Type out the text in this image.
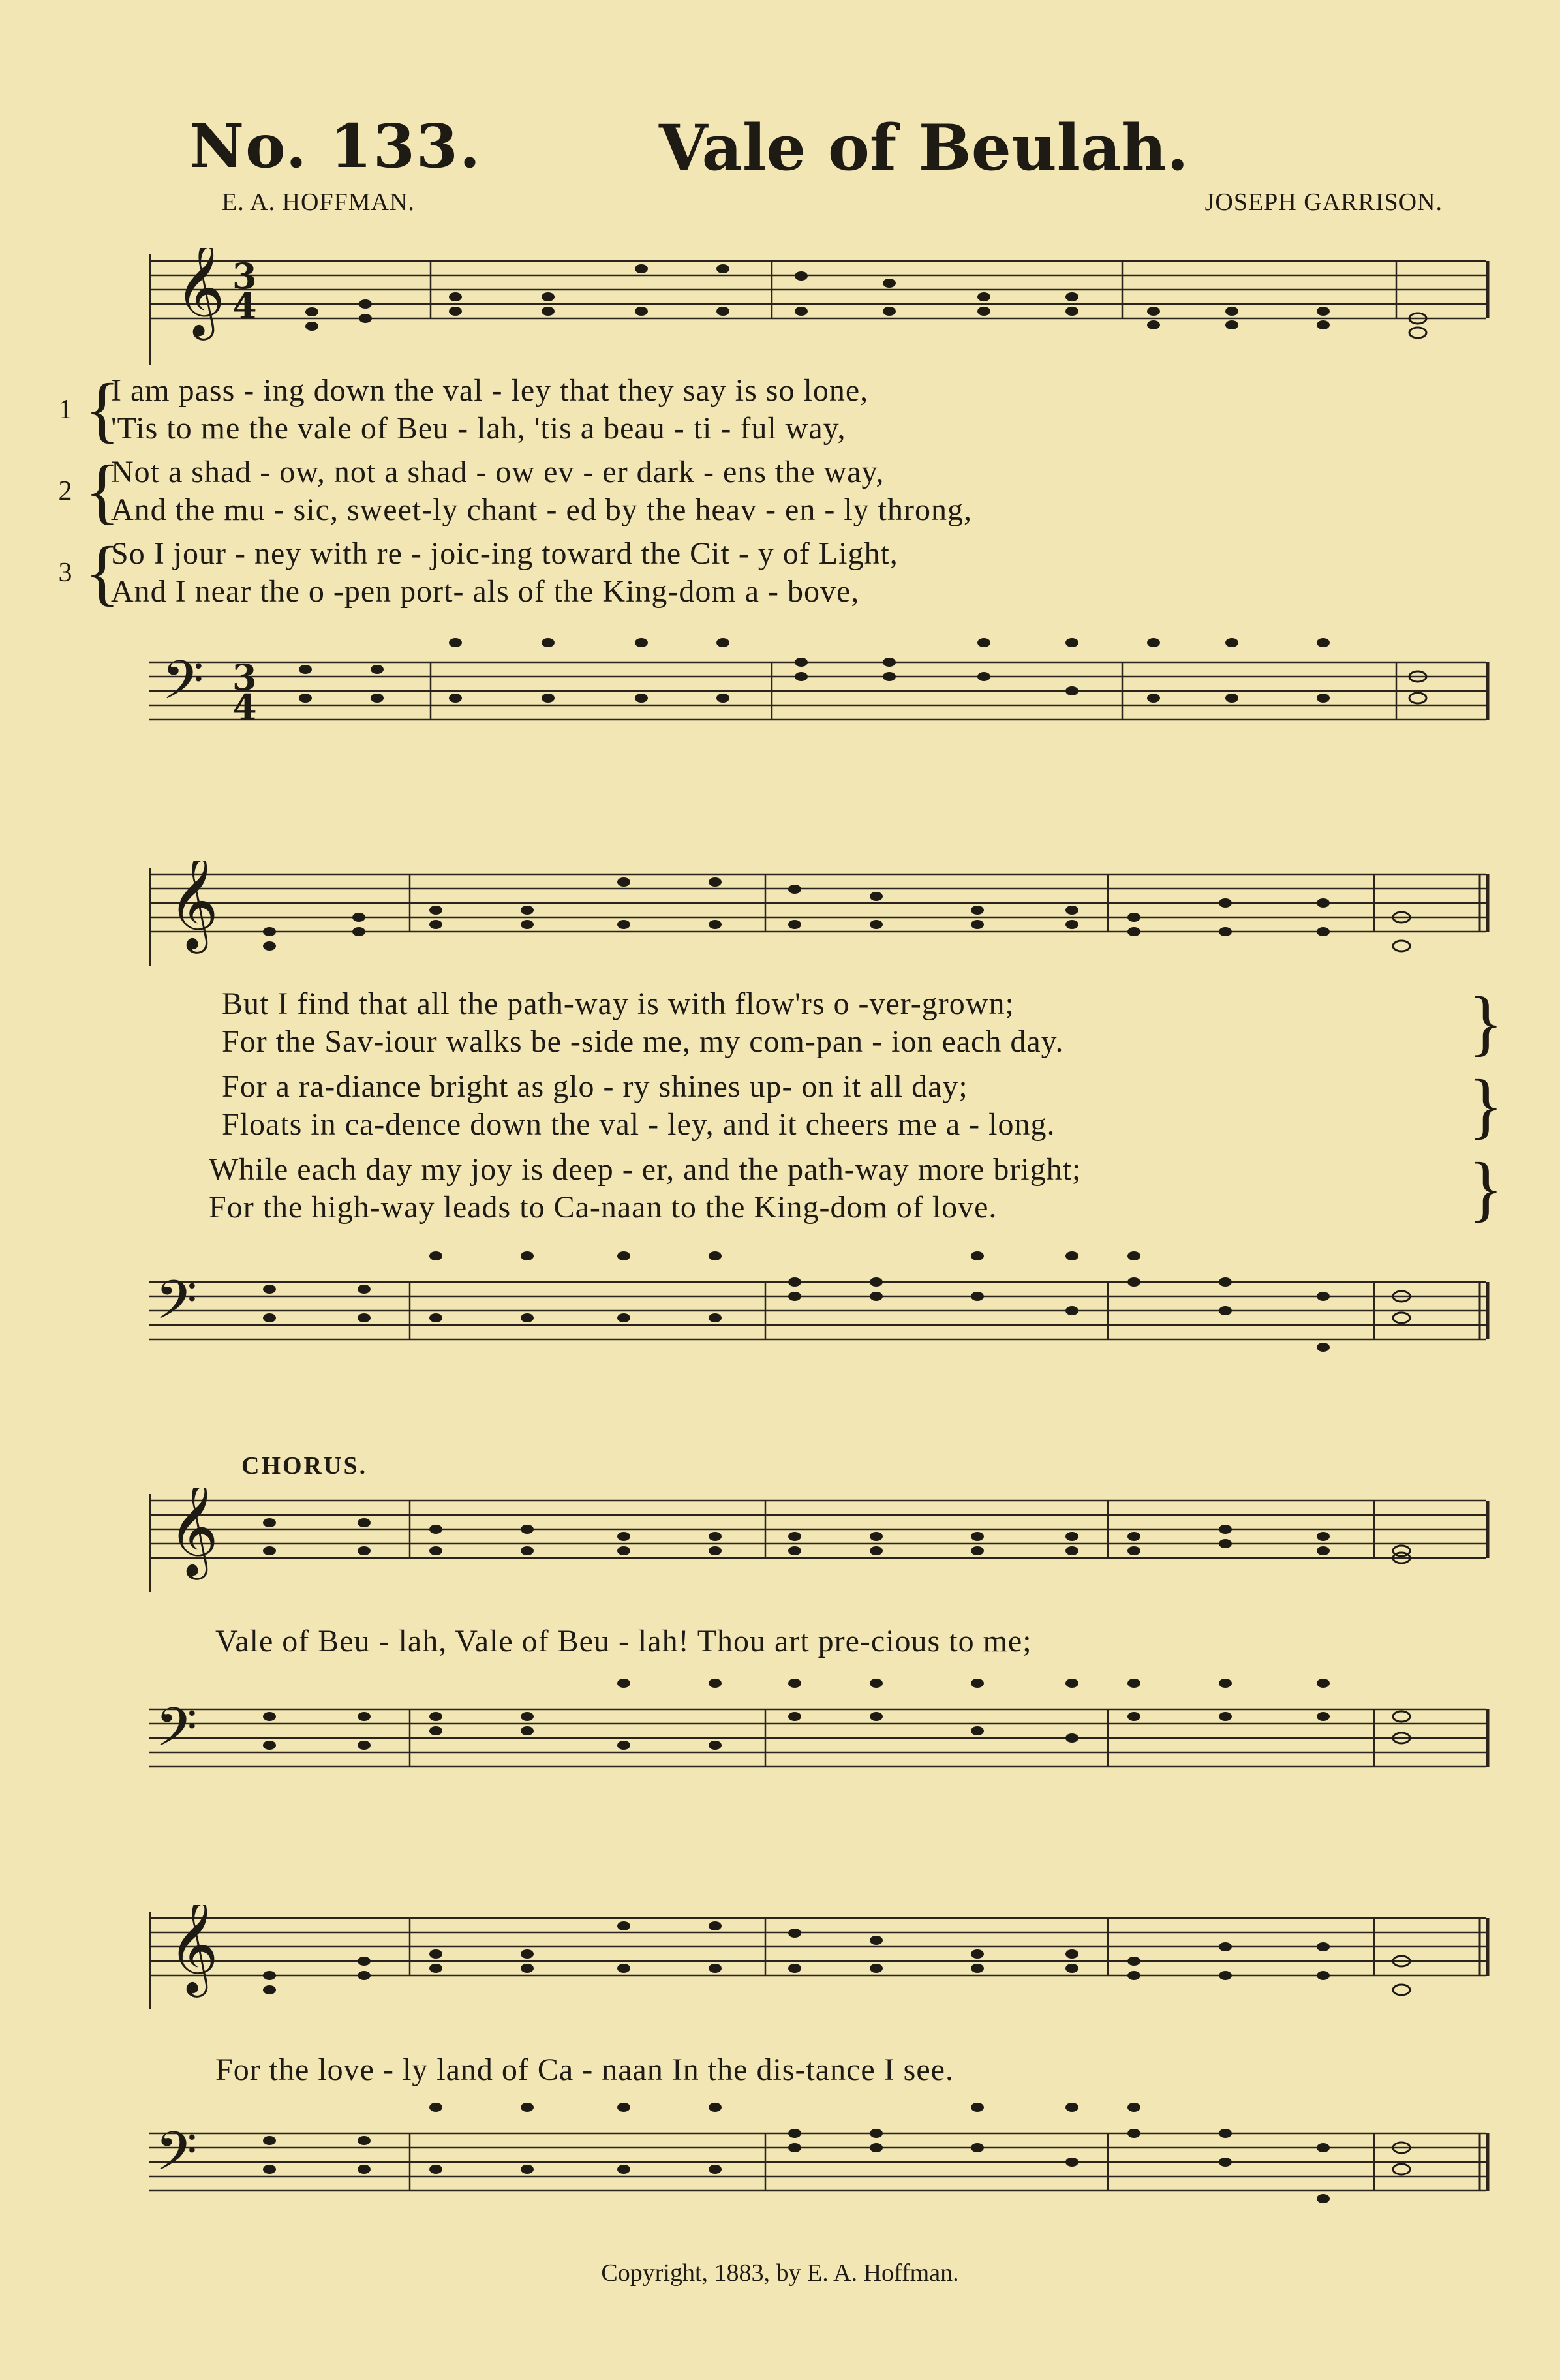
No. 133.	Vale of Beulah.
E. A. HOFFMAN.	JOSEPH GARRISON.
𝄞 3
4
1 {
I am pass - ing down the val - ley that they say is so lone,
'Tis to me the vale of Beu - lah, 'tis a beau - ti - ful way,
2 {
Not a shad - ow, not a shad - ow ev - er dark - ens the way,
And the mu - sic, sweet-ly chant - ed by the heav - en - ly throng,
3 {
So I jour - ney with re - joic-ing toward the Cit - y of Light,
And I near the o -pen port- als of the King-dom a - bove,
𝄢 3
4
𝄞
But I find that all the path-way is with flow'rs o -ver-grown;
For the Sav-iour walks be -side me, my com-pan - ion each day.	}
For a ra-diance bright as glo - ry shines up- on it all day;
Floats in ca-dence down the val - ley, and it cheers me a - long.	}
While each day my joy is deep - er, and the path-way more bright;
For the high-way leads to Ca-naan to the King-dom of love.	}
𝄢
CHORUS.
𝄞
Vale of Beu - lah, Vale of Beu - lah! Thou art pre-cious to me;
𝄢
𝄞
For the love - ly land of Ca - naan In the dis-tance I see.
𝄢
Copyright, 1883, by E. A. Hoffman.
